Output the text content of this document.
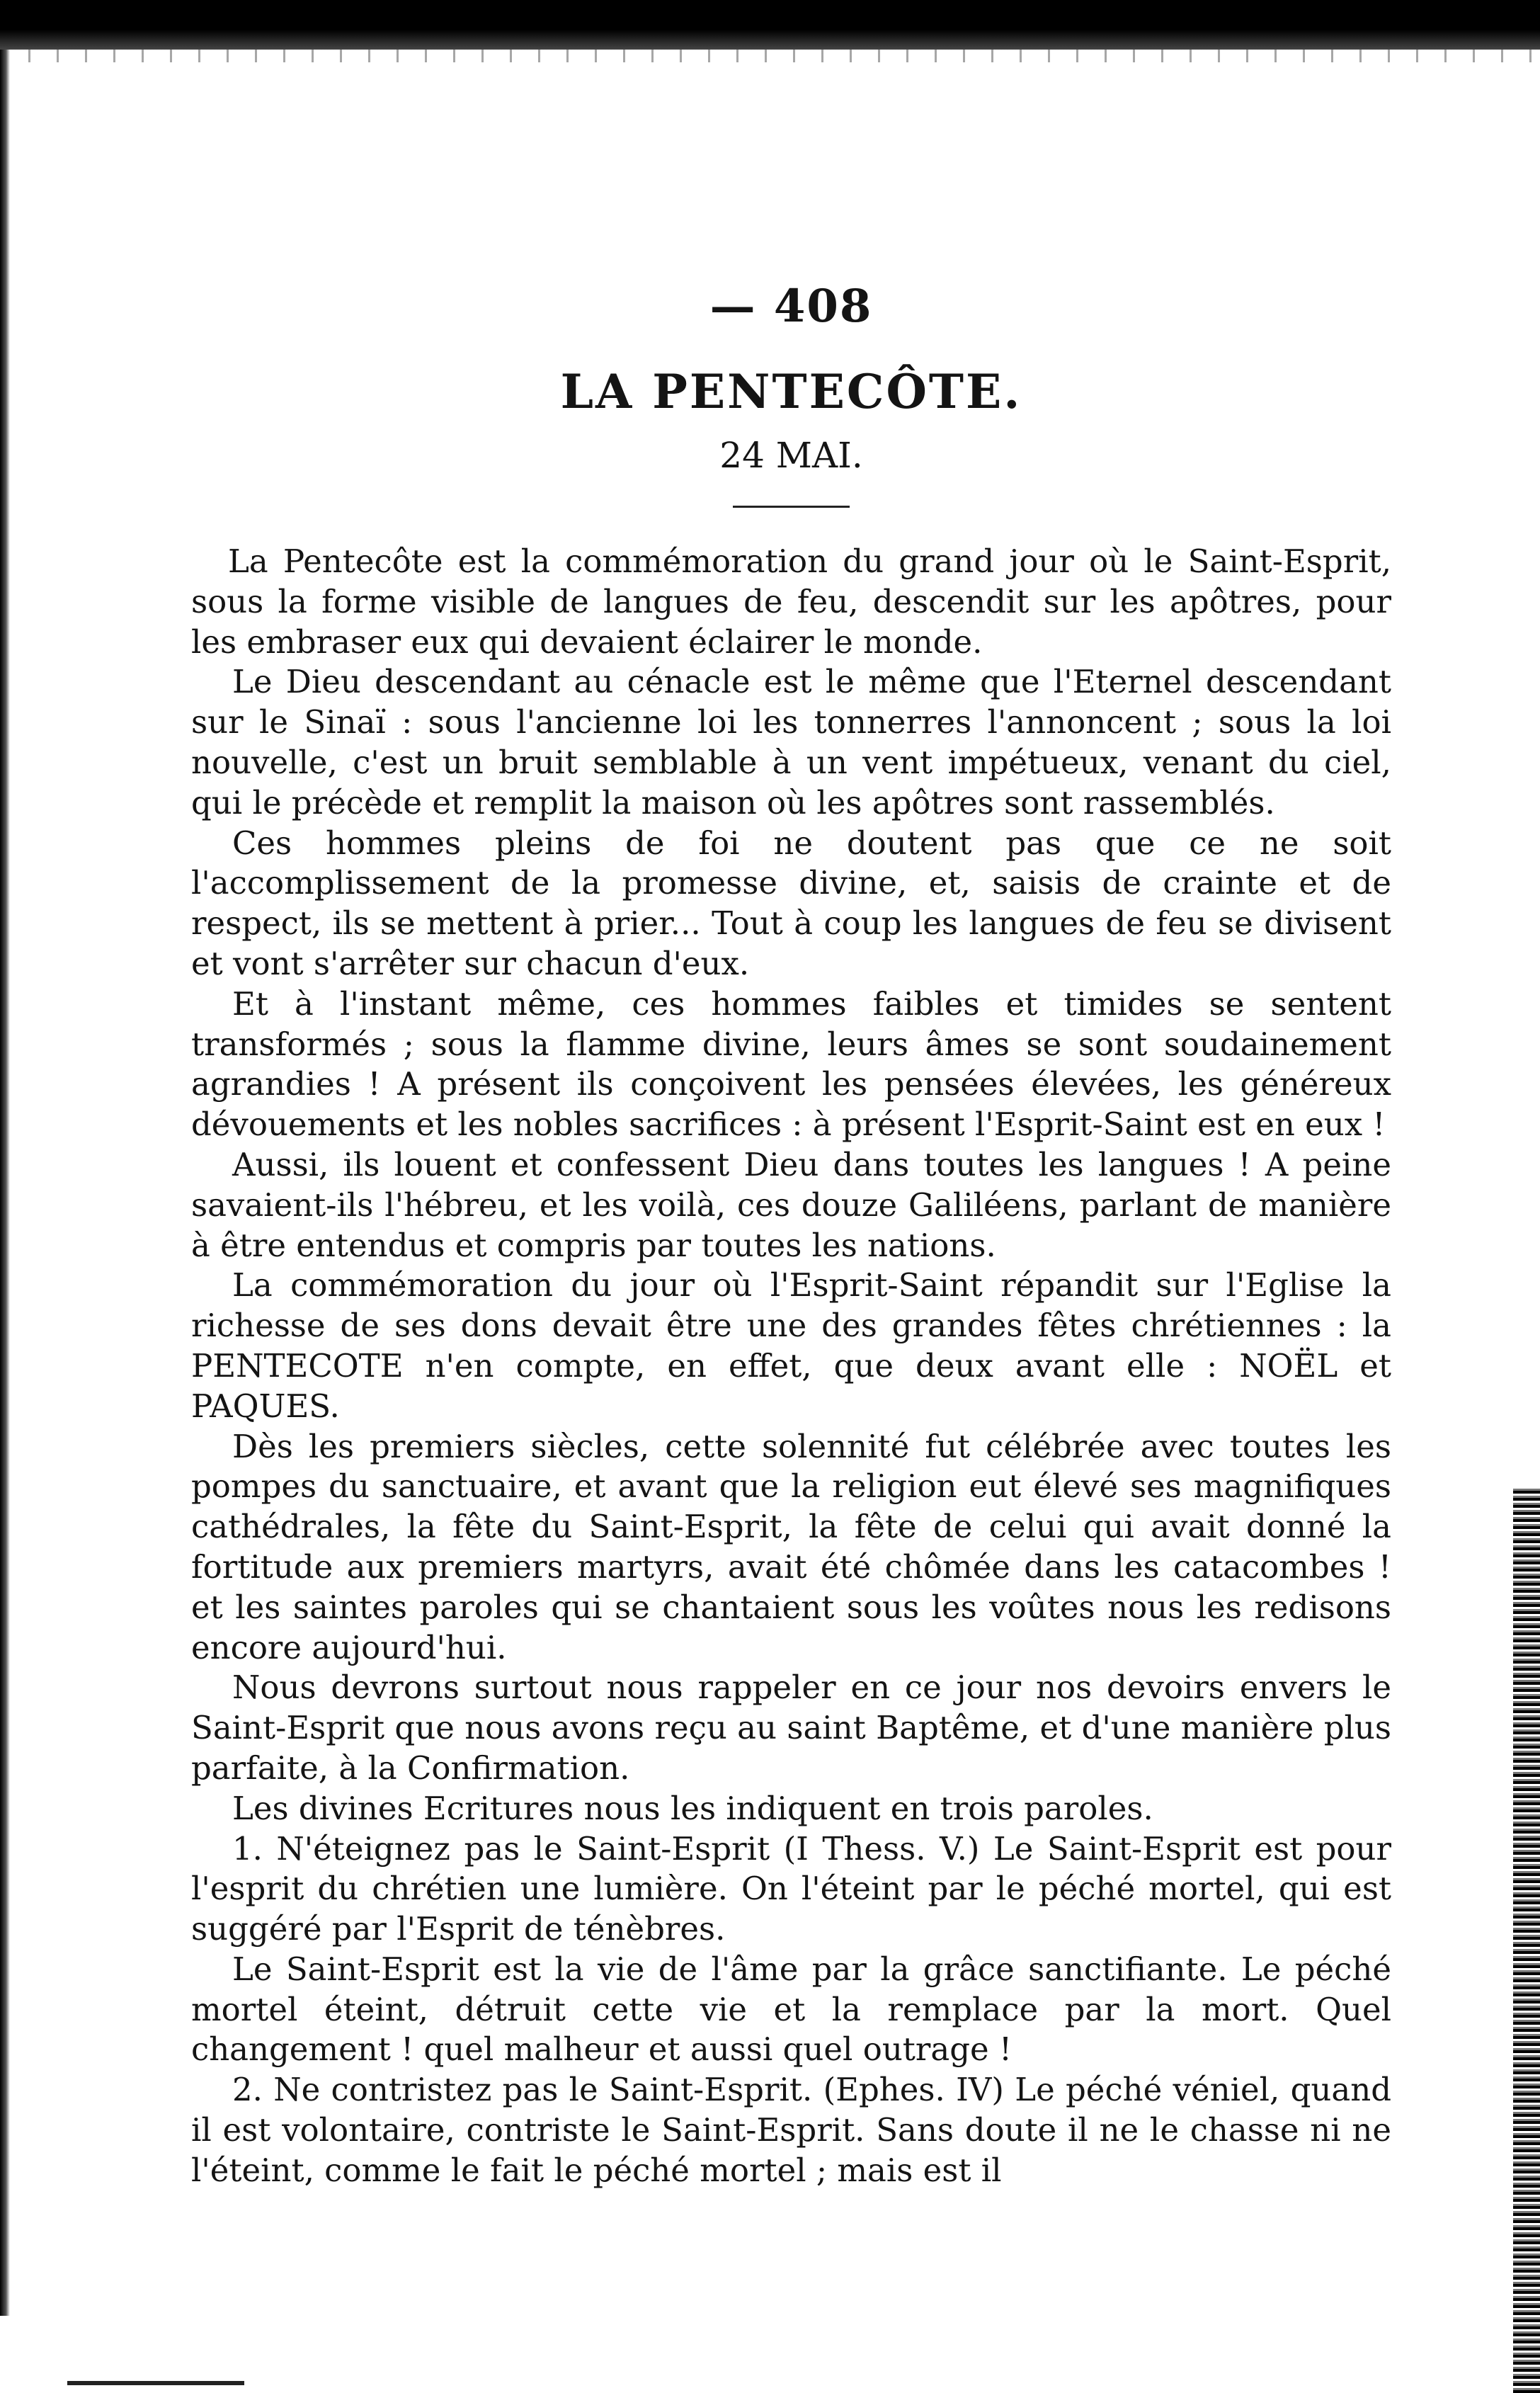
— 408
LA PENTECÔTE.
24 MAI.

La Pentecôte est la commémoration du grand jour où le Saint-Esprit, sous la forme visible de langues de feu, descendit sur les apôtres, pour les embraser eux qui devaient éclairer le monde.

Le Dieu descendant au cénacle est le même que l'Eternel descendant sur le Sinaï : sous l'ancienne loi les tonnerres l'annoncent ; sous la loi nouvelle, c'est un bruit semblable à un vent impétueux, venant du ciel, qui le précède et remplit la maison où les apôtres sont rassemblés.

Ces hommes pleins de foi ne doutent pas que ce ne soit l'accomplissement de la promesse divine, et, saisis de crainte et de respect, ils se mettent à prier... Tout à coup les langues de feu se divisent et vont s'arrêter sur chacun d'eux.

Et à l'instant même, ces hommes faibles et timides se sentent transformés ; sous la flamme divine, leurs âmes se sont soudainement agrandies ! A présent ils conçoivent les pensées élevées, les généreux dévouements et les nobles sacrifices : à présent l'Esprit-Saint est en eux !

Aussi, ils louent et confessent Dieu dans toutes les langues ! A peine savaient-ils l'hébreu, et les voilà, ces douze Galiléens, parlant de manière à être entendus et compris par toutes les nations.

La commémoration du jour où l'Esprit-Saint répandit sur l'Eglise la richesse de ses dons devait être une des grandes fêtes chrétiennes : la PENTECOTE n'en compte, en effet, que deux avant elle : NOËL et PAQUES.

Dès les premiers siècles, cette solennité fut célébrée avec toutes les pompes du sanctuaire, et avant que la religion eut élevé ses magnifiques cathédrales, la fête du Saint-Esprit, la fête de celui qui avait donné la fortitude aux premiers martyrs, avait été chômée dans les catacombes ! et les saintes paroles qui se chantaient sous les voûtes nous les redisons encore aujourd'hui.

Nous devrons surtout nous rappeler en ce jour nos devoirs envers le Saint-Esprit que nous avons reçu au saint Baptême, et d'une manière plus parfaite, à la Confirmation.

Les divines Ecritures nous les indiquent en trois paroles.

1. N'éteignez pas le Saint-Esprit (I Thess. V.) Le Saint-Esprit est pour l'esprit du chrétien une lumière. On l'éteint par le péché mortel, qui est suggéré par l'Esprit de ténèbres.

Le Saint-Esprit est la vie de l'âme par la grâce sanctifiante. Le péché mortel éteint, détruit cette vie et la remplace par la mort. Quel changement ! quel malheur et aussi quel outrage !

2. Ne contristez pas le Saint-Esprit. (Ephes. IV) Le péché véniel, quand il est volontaire, contriste le Saint-Esprit. Sans doute il ne le chasse ni ne l'éteint, comme le fait le péché mortel ; mais est il
